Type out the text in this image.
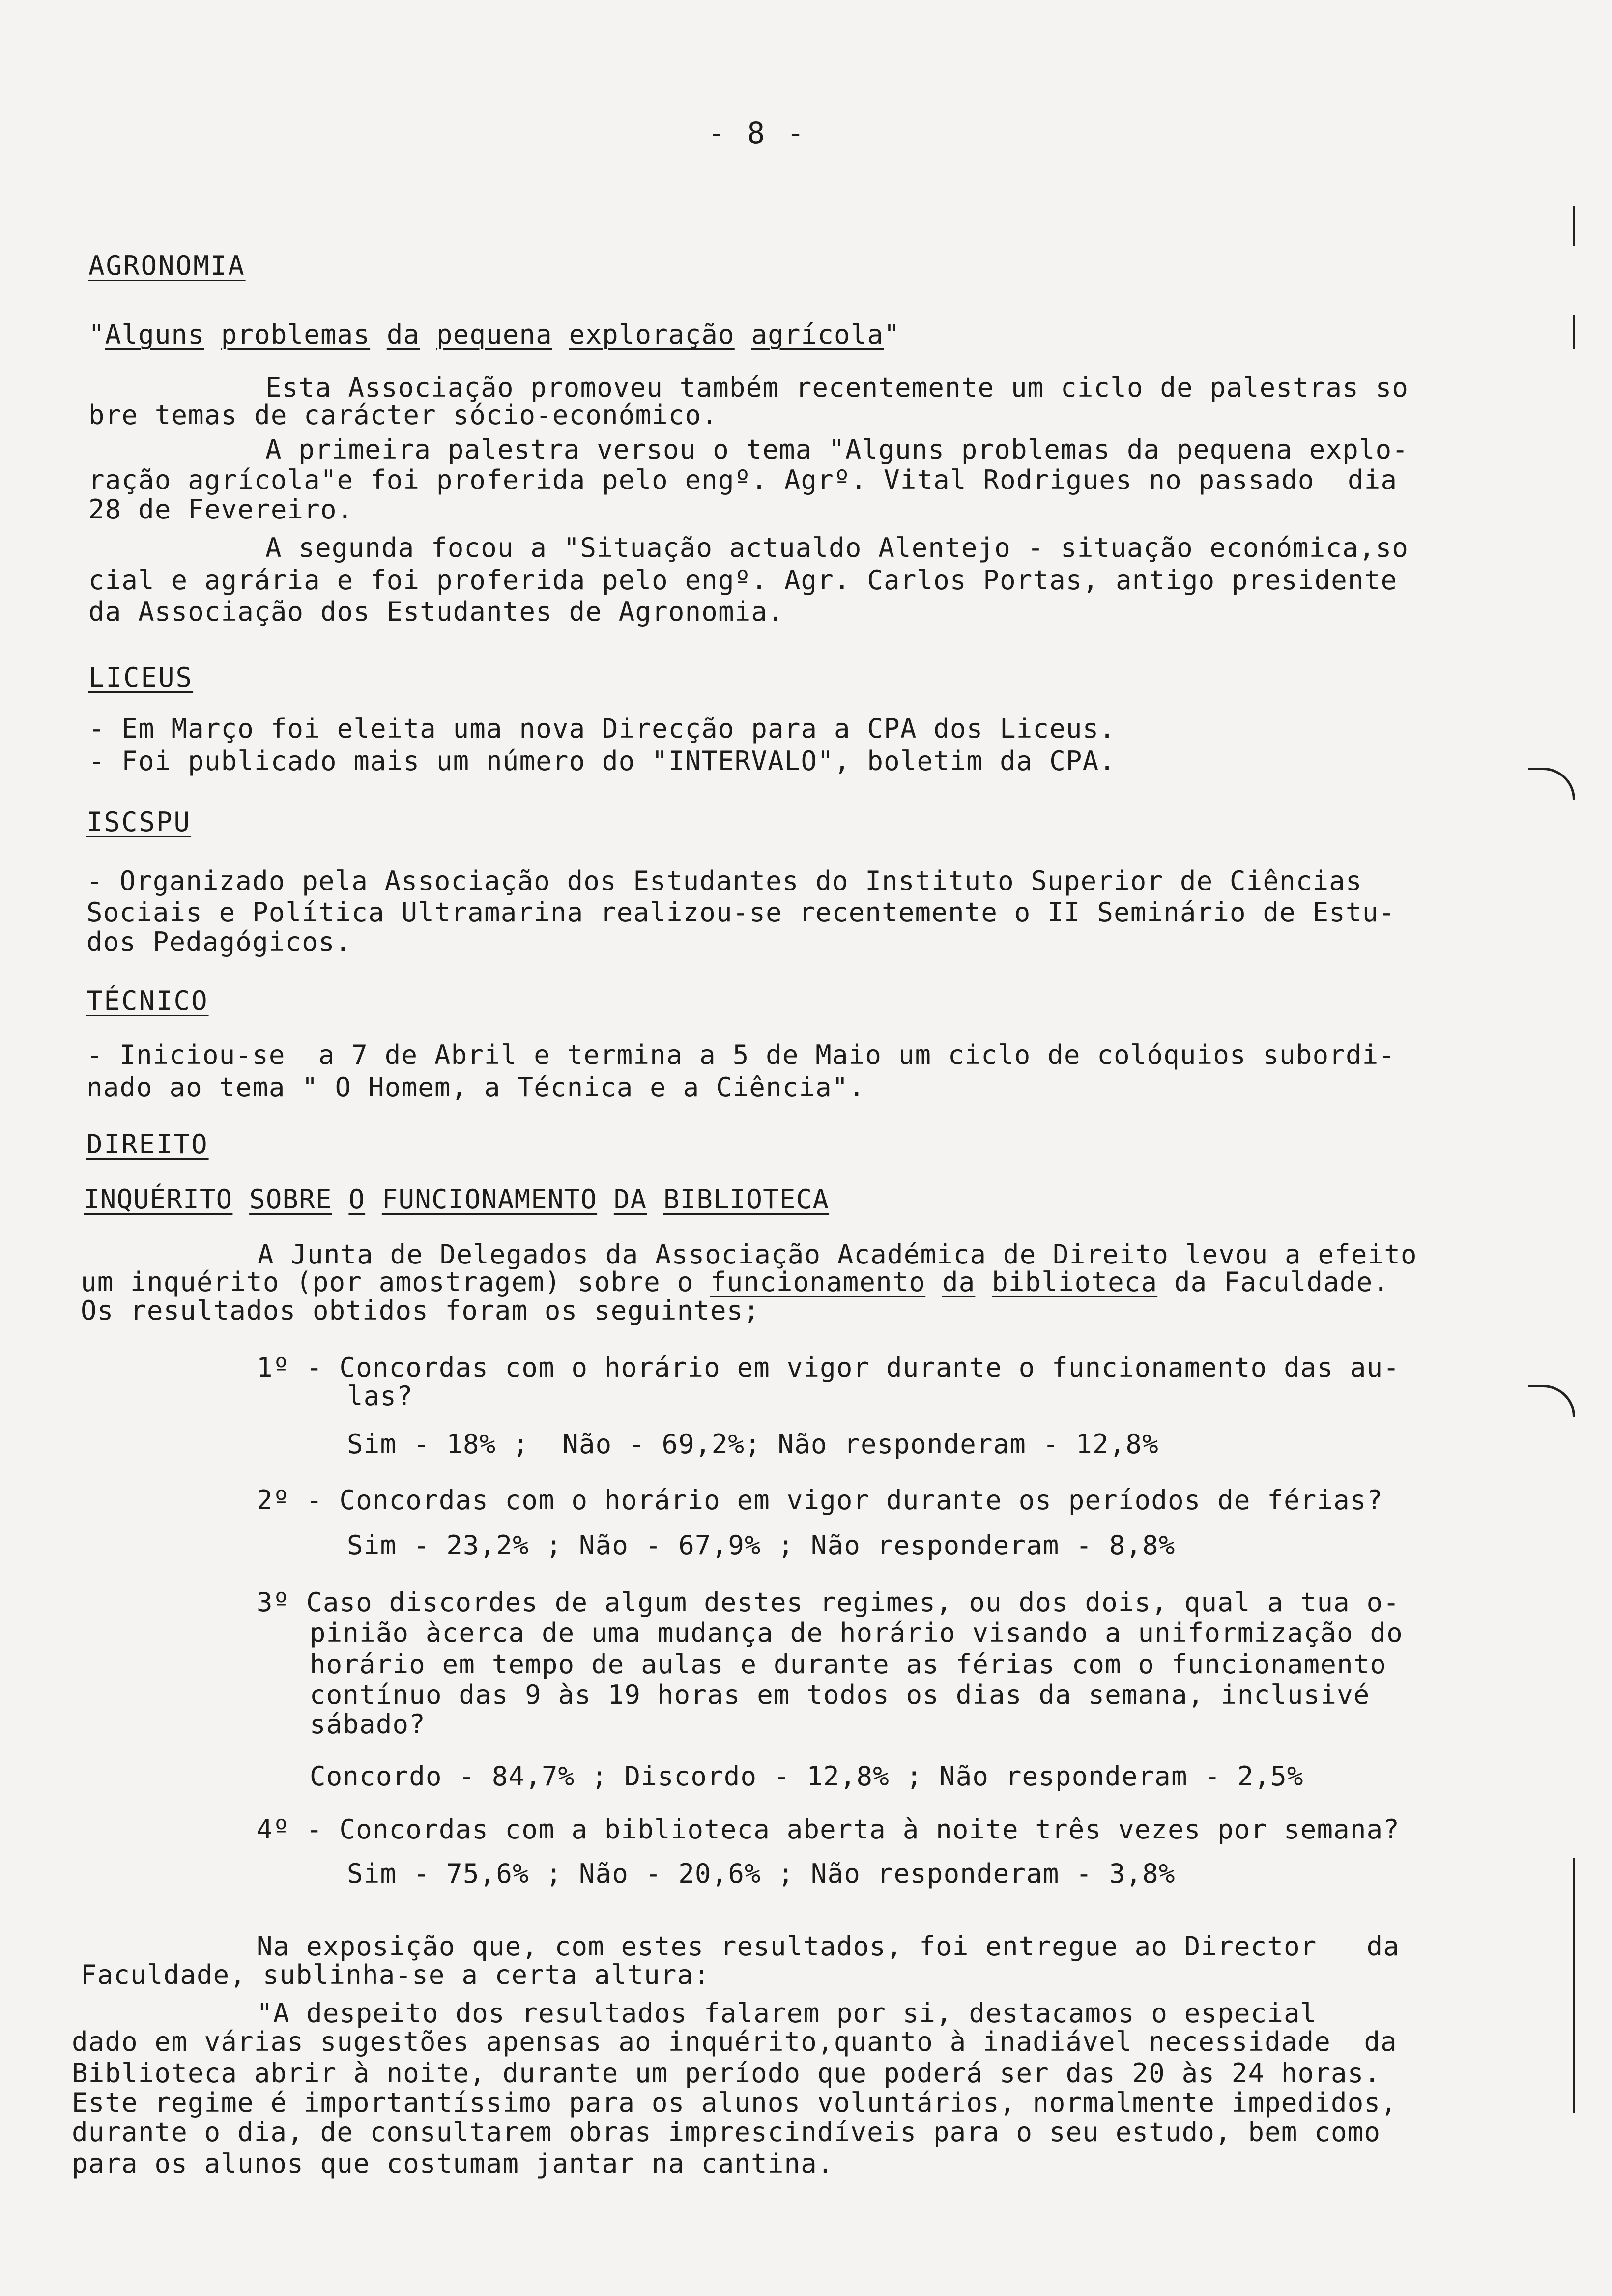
- 8 -
AGRONOMIA
"Alguns problemas da pequena exploração agrícola"
Esta Associação promoveu também recentemente um ciclo de palestras so
bre temas de carácter sócio-económico.
A primeira palestra versou o tema "Alguns problemas da pequena explo-
ração agrícola"e foi proferida pelo engº. Agrº. Vital Rodrigues no passado  dia
28 de Fevereiro.
A segunda focou a "Situação actualdo Alentejo - situação económica,so
cial e agrária e foi proferida pelo engº. Agr. Carlos Portas, antigo presidente
da Associação dos Estudantes de Agronomia.
LICEUS
- Em Março foi eleita uma nova Direcção para a CPA dos Liceus.
- Foi publicado mais um número do "INTERVALO", boletim da CPA.
ISCSPU
- Organizado pela Associação dos Estudantes do Instituto Superior de Ciências
Sociais e Política Ultramarina realizou-se recentemente o II Seminário de Estu-
dos Pedagógicos.
TÉCNICO
- Iniciou-se  a 7 de Abril e termina a 5 de Maio um ciclo de colóquios subordi-
nado ao tema " O Homem, a Técnica e a Ciência".
DIREITO
INQUÉRITO SOBRE O FUNCIONAMENTO DA BIBLIOTECA
A Junta de Delegados da Associação Académica de Direito levou a efeito
um inquérito (por amostragem) sobre o funcionamento da biblioteca da Faculdade.
Os resultados obtidos foram os seguintes;
1º - Concordas com o horário em vigor durante o funcionamento das au-
las?
Sim - 18% ;  Não - 69,2%; Não responderam - 12,8%
2º - Concordas com o horário em vigor durante os períodos de férias?
Sim - 23,2% ; Não - 67,9% ; Não responderam - 8,8%
3º Caso discordes de algum destes regimes, ou dos dois, qual a tua o-
pinião àcerca de uma mudança de horário visando a uniformização do
horário em tempo de aulas e durante as férias com o funcionamento
contínuo das 9 às 19 horas em todos os dias da semana, inclusivé
sábado?
Concordo - 84,7% ; Discordo - 12,8% ; Não responderam - 2,5%
4º - Concordas com a biblioteca aberta à noite três vezes por semana?
Sim - 75,6% ; Não - 20,6% ; Não responderam - 3,8%
Na exposição que, com estes resultados, foi entregue ao Director   da
Faculdade, sublinha-se a certa altura:
"A despeito dos resultados falarem por si, destacamos o especial
dado em várias sugestões apensas ao inquérito,quanto à inadiável necessidade  da
Biblioteca abrir à noite, durante um período que poderá ser das 20 às 24 horas.
Este regime é importantíssimo para os alunos voluntários, normalmente impedidos,
durante o dia, de consultarem obras imprescindíveis para o seu estudo, bem como
para os alunos que costumam jantar na cantina.
